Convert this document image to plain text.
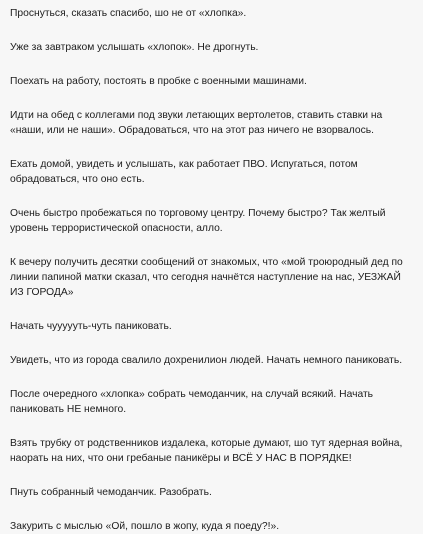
Проснуться, сказать спасибо, шо не от «хлопка».

Уже за завтраком услышать «хлопок». Не дрогнуть.

Поехать на работу, постоять в пробке с военными машинами.

Идти на обед с коллегами под звуки летающих вертолетов, ставить ставки на «наши, или не наши». Обрадоваться, что на этот раз ничего не взорвалось.

Ехать домой, увидеть и услышать, как работает ПВО. Испугаться, потом обрадоваться, что оно есть.

Очень быстро пробежаться по торговому центру. Почему быстро? Так желтый уровень террористической опасности, алло.

К вечеру получить десятки сообщений от знакомых, что «мой троюродный дед по линии папиной матки сказал, что сегодня начнётся наступление на нас, УЕЗЖАЙ ИЗ ГОРОДА»

Начать чуууууть-чуть паниковать.

Увидеть, что из города свалило дохренилион людей. Начать немного паниковать.

После очередного «хлопка» собрать чемоданчик, на случай всякий. Начать паниковать НЕ немного.

Взять трубку от родственников издалека, которые думают, шо тут ядерная война, наорать на них, что они гребаные паникёры и ВСЁ У НАС В ПОРЯДКЕ!

Пнуть собранный чемоданчик. Разобрать.

Закурить с мыслью «Ой, пошло в жопу, куда я поеду?!».
